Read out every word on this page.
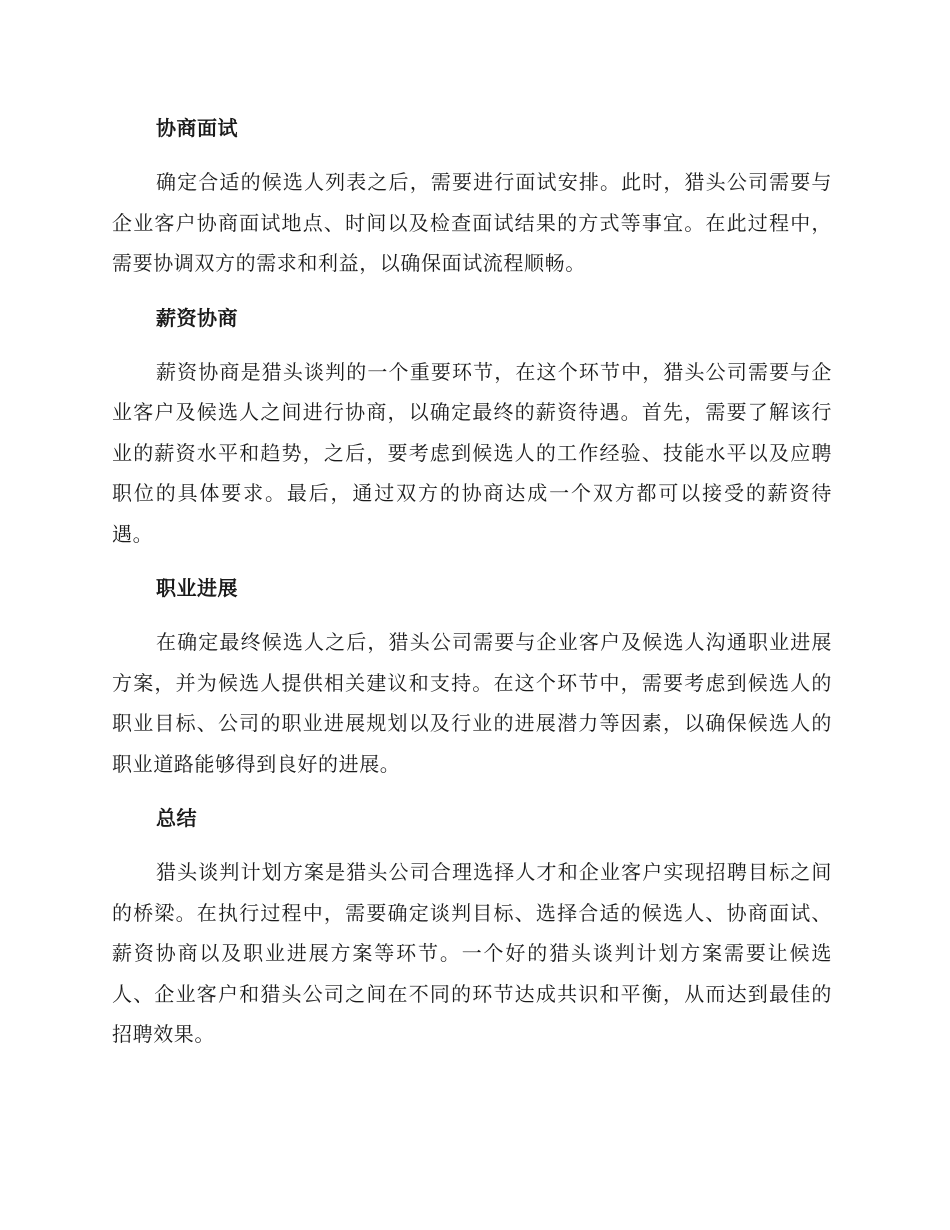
协商面试

确定合适的候选人列表之后，需要进行面试安排。此时，猎头公司需要与企业客户协商面试地点、时间以及检查面试结果的方式等事宜。在此过程中，需要协调双方的需求和利益，以确保面试流程顺畅。

薪资协商

薪资协商是猎头谈判的一个重要环节，在这个环节中，猎头公司需要与企业客户及候选人之间进行协商，以确定最终的薪资待遇。首先，需要了解该行业的薪资水平和趋势，之后，要考虑到候选人的工作经验、技能水平以及应聘职位的具体要求。最后，通过双方的协商达成一个双方都可以接受的薪资待遇。

职业进展

在确定最终候选人之后，猎头公司需要与企业客户及候选人沟通职业进展方案，并为候选人提供相关建议和支持。在这个环节中，需要考虑到候选人的职业目标、公司的职业进展规划以及行业的进展潜力等因素，以确保候选人的职业道路能够得到良好的进展。

总结

猎头谈判计划方案是猎头公司合理选择人才和企业客户实现招聘目标之间的桥梁。在执行过程中，需要确定谈判目标、选择合适的候选人、协商面试、薪资协商以及职业进展方案等环节。一个好的猎头谈判计划方案需要让候选人、企业客户和猎头公司之间在不同的环节达成共识和平衡，从而达到最佳的招聘效果。
